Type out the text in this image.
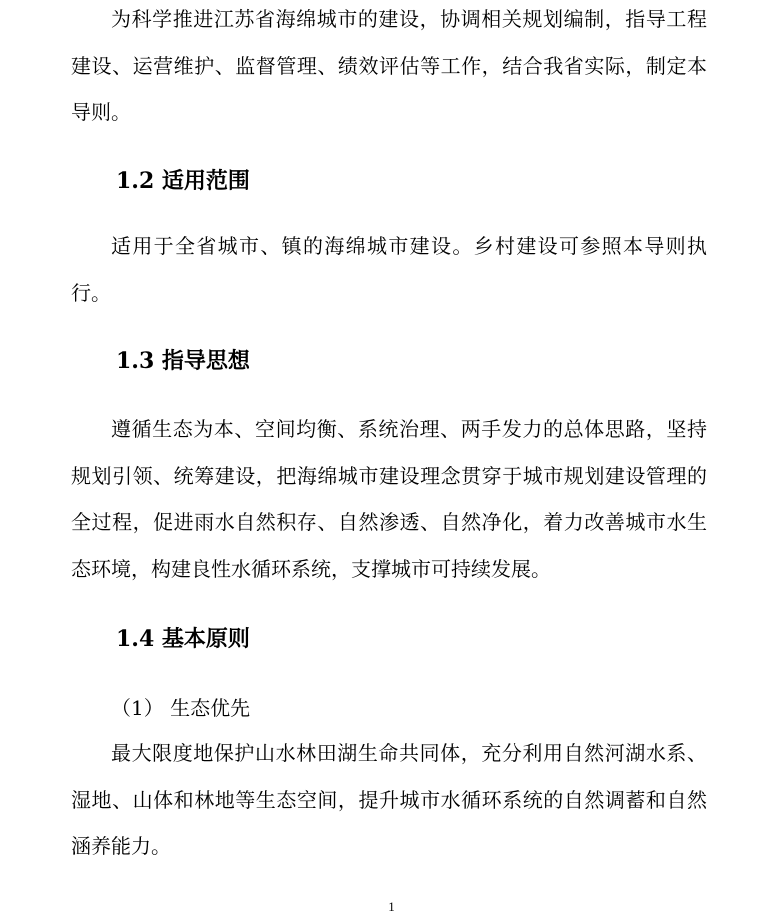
为科学推进江苏省海绵城市的建设，协调相关规划编制，指导工程建设、运营维护、监督管理、绩效评估等工作，结合我省实际，制定本导则。

1.2 适用范围

适用于全省城市、镇的海绵城市建设。乡村建设可参照本导则执行。

1.3 指导思想

遵循生态为本、空间均衡、系统治理、两手发力的总体思路，坚持规划引领、统筹建设，把海绵城市建设理念贯穿于城市规划建设管理的全过程，促进雨水自然积存、自然渗透、自然净化，着力改善城市水生态环境，构建良性水循环系统，支撑城市可持续发展。

1.4 基本原则

（1） 生态优先

最大限度地保护山水林田湖生命共同体，充分利用自然河湖水系、湿地、山体和林地等生态空间，提升城市水循环系统的自然调蓄和自然涵养能力。

1
